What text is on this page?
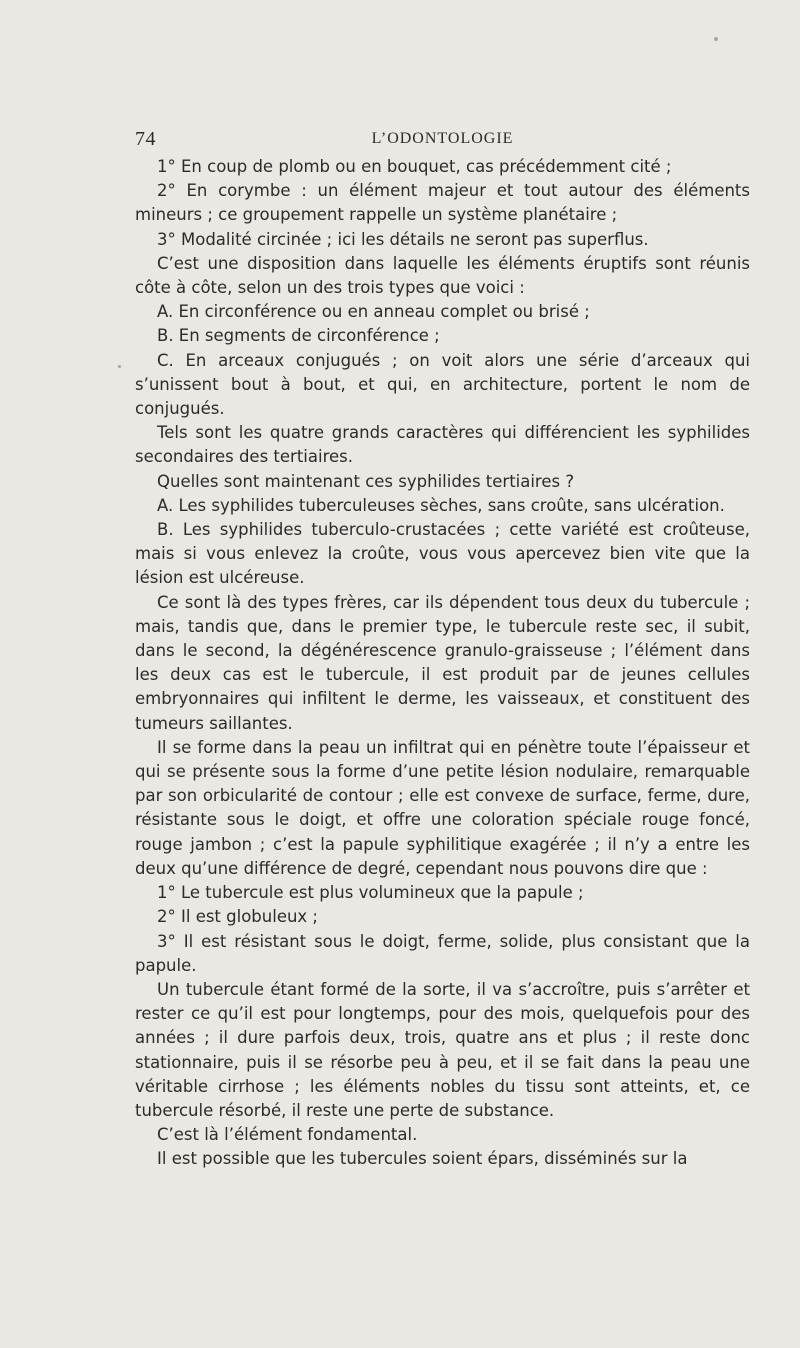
74	L’ODONTOLOGIE

1° En coup de plomb ou en bouquet, cas précédemment cité ;

2° En corymbe : un élément majeur et tout autour des éléments mineurs ; ce groupement rappelle un système planétaire ;

3° Modalité circinée ; ici les détails ne seront pas superflus.

C’est une disposition dans laquelle les éléments éruptifs sont réunis côte à côte, selon un des trois types que voici :

A. En circonférence ou en anneau complet ou brisé ;

B. En segments de circonférence ;

C. En arceaux conjugués ; on voit alors une série d’arceaux qui s’unissent bout à bout, et qui, en architecture, portent le nom de conjugués.

Tels sont les quatre grands caractères qui différencient les syphilides secondaires des tertiaires.

Quelles sont maintenant ces syphilides tertiaires ?

A. Les syphilides tuberculeuses sèches, sans croûte, sans ulcération.

B. Les syphilides tuberculo-crustacées ; cette variété est croûteuse, mais si vous enlevez la croûte, vous vous apercevez bien vite que la lésion est ulcéreuse.

Ce sont là des types frères, car ils dépendent tous deux du tubercule ; mais, tandis que, dans le premier type, le tubercule reste sec, il subit, dans le second, la dégénérescence granulo-graisseuse ; l’élément dans les deux cas est le tubercule, il est produit par de jeunes cellules embryonnaires qui infiltent le derme, les vaisseaux, et constituent des tumeurs saillantes.

Il se forme dans la peau un infiltrat qui en pénètre toute l’épaisseur et qui se présente sous la forme d’une petite lésion nodulaire, remarquable par son orbicularité de contour ; elle est convexe de surface, ferme, dure, résistante sous le doigt, et offre une coloration spéciale rouge foncé, rouge jambon ; c’est la papule syphilitique exagérée ; il n’y a entre les deux qu’une différence de degré, cependant nous pouvons dire que :

1° Le tubercule est plus volumineux que la papule ;

2° Il est globuleux ;

3° Il est résistant sous le doigt, ferme, solide, plus consistant que la papule.

Un tubercule étant formé de la sorte, il va s’accroître, puis s’arrêter et rester ce qu’il est pour longtemps, pour des mois, quelquefois pour des années ; il dure parfois deux, trois, quatre ans et plus ; il reste donc stationnaire, puis il se résorbe peu à peu, et il se fait dans la peau une véritable cirrhose ; les éléments nobles du tissu sont atteints, et, ce tubercule résorbé, il reste une perte de substance.

C’est là l’élément fondamental.

Il est possible que les tubercules soient épars, disséminés sur la
